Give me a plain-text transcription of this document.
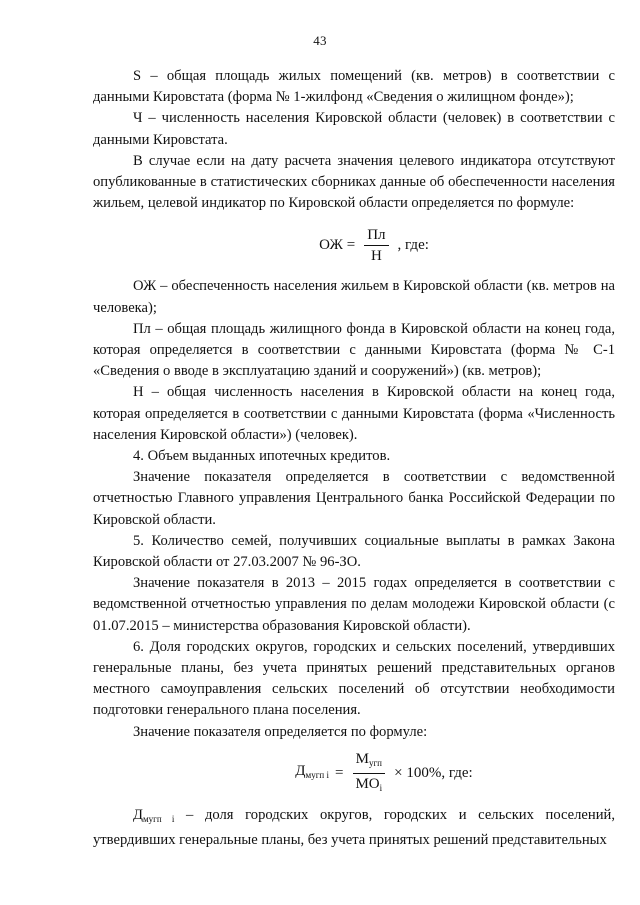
43

S – общая площадь жилых помещений (кв. метров) в соответствии с данными Кировстата (форма № 1-жилфонд «Сведения о жилищном фонде»);

Ч – численность населения Кировской области (человек) в соответствии с данными Кировстата.

В случае если на дату расчета значения целевого индикатора отсутствуют опубликованные в статистических сборниках данные об обеспеченности населения жильем, целевой индикатор по Кировской области определяется по формуле:

ОЖ = $\frac{Пл}{Н}$ , где:

ОЖ – обеспеченность населения жильем в Кировской области (кв. метров на человека);

Пл – общая площадь жилищного фонда в Кировской области на конец года, которая определяется в соответствии с данными Кировстата (форма № С-1 «Сведения о вводе в эксплуатацию зданий и сооружений») (кв. метров);

Н – общая численность населения в Кировской области на конец года, которая определяется в соответствии с данными Кировстата (форма «Численность населения Кировской области») (человек).

4. Объем выданных ипотечных кредитов.

Значение показателя определяется в соответствии с ведомственной отчетностью Главного управления Центрального банка Российской Федерации по Кировской области.

5. Количество семей, получивших социальные выплаты в рамках Закона Кировской области от 27.03.2007 № 96-ЗО.

Значение показателя в 2013 – 2015 годах определяется в соответствии с ведомственной отчетностью управления по делам молодежи Кировской области (с 01.07.2015 – министерства образования Кировской области).

6. Доля городских округов, городских и сельских поселений, утвердивших генеральные планы, без учета принятых решений представительных органов местного самоуправления сельских поселений об отсутствии необходимости подготовки генерального плана поселения.

Значение показателя определяется по формуле:

$Д_{мугп i} = \frac{М_{угп}}{МО_i} \times 100\%$, где:

$Д_{мугп i}$ – доля городских округов, городских и сельских поселений, утвердивших генеральные планы, без учета принятых решений представительных
